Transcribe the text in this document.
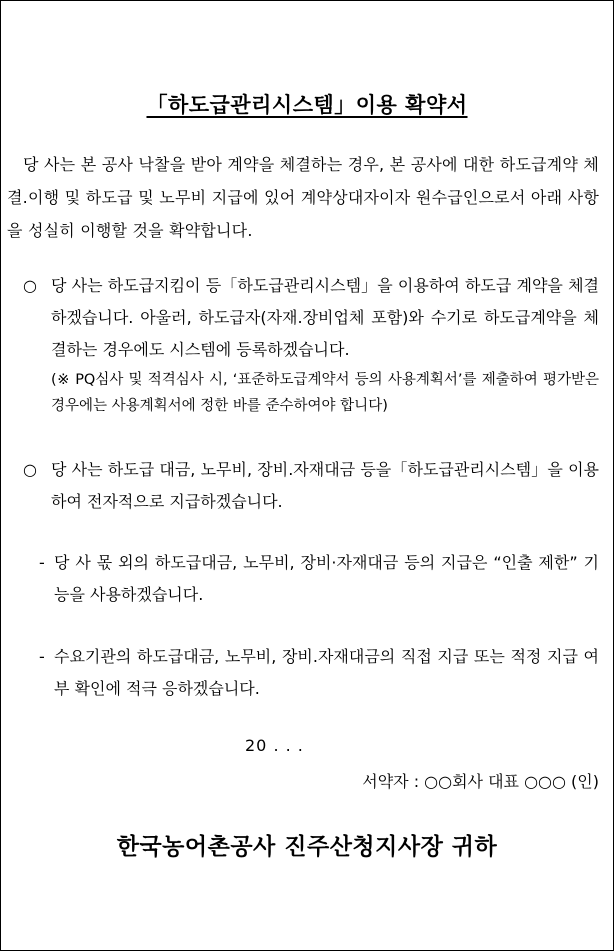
「하도급관리시스템」이용 확약서
당 사는 본 공사 낙찰을 받아 계약을 체결하는 경우, 본 공사에 대한 하도급계약 체결.이행 및 하도급 및 노무비 지급에 있어 계약상대자이자 원수급인으로서 아래 사항을 성실히 이행할 것을 확약합니다.
○ 당 사는 하도급지킴이 등「하도급관리시스템」을 이용하여 하도급 계약을 체결하겠습니다. 아울러, 하도급자(자재.장비업체 포함)와 수기로 하도급계약을 체결하는 경우에도 시스템에 등록하겠습니다.
(※ PQ심사 및 적격심사 시, ‘표준하도급계약서 등의 사용계획서’를 제출하여 평가받은 경우에는 사용계획서에 정한 바를 준수하여야 합니다)
○ 당 사는 하도급 대금, 노무비, 장비.자재대금 등을「하도급관리시스템」을 이용하여 전자적으로 지급하겠습니다.
- 당 사 몫 외의 하도급대금, 노무비, 장비·자재대금 등의 지급은 “인출 제한” 기능을 사용하겠습니다.
- 수요기관의 하도급대금, 노무비, 장비.자재대금의 직접 지급 또는 적정 지급 여부 확인에 적극 응하겠습니다.
20 . . .
서약자 : ○○회사 대표 ○○○ (인)
한국농어촌공사 진주산청지사장 귀하
